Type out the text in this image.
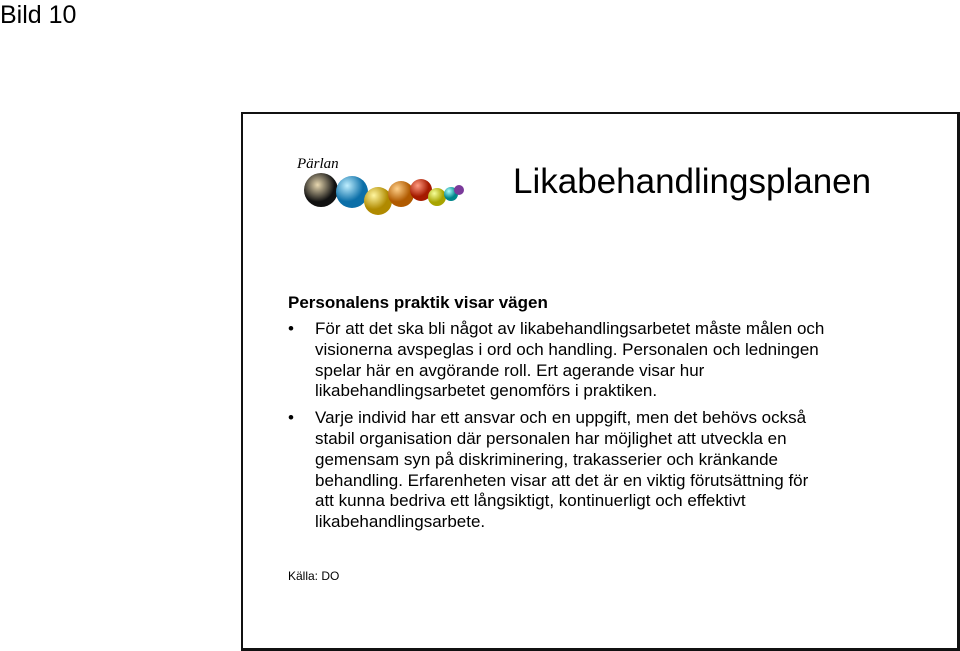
Bild 10
Pärlan	Likabehandlingsplanen
Personalens praktik visar vägen
• För att det ska bli något av likabehandlingsarbetet måste målen och
visionerna avspeglas i ord och handling. Personalen och ledningen
spelar här en avgörande roll. Ert agerande visar hur
likabehandlingsarbetet genomförs i praktiken.
• Varje individ har ett ansvar och en uppgift, men det behövs också
stabil organisation där personalen har möjlighet att utveckla en
gemensam syn på diskriminering, trakasserier och kränkande
behandling. Erfarenheten visar att det är en viktig förutsättning för
att kunna bedriva ett långsiktigt, kontinuerligt och effektivt
likabehandlingsarbete.
Källa: DO
